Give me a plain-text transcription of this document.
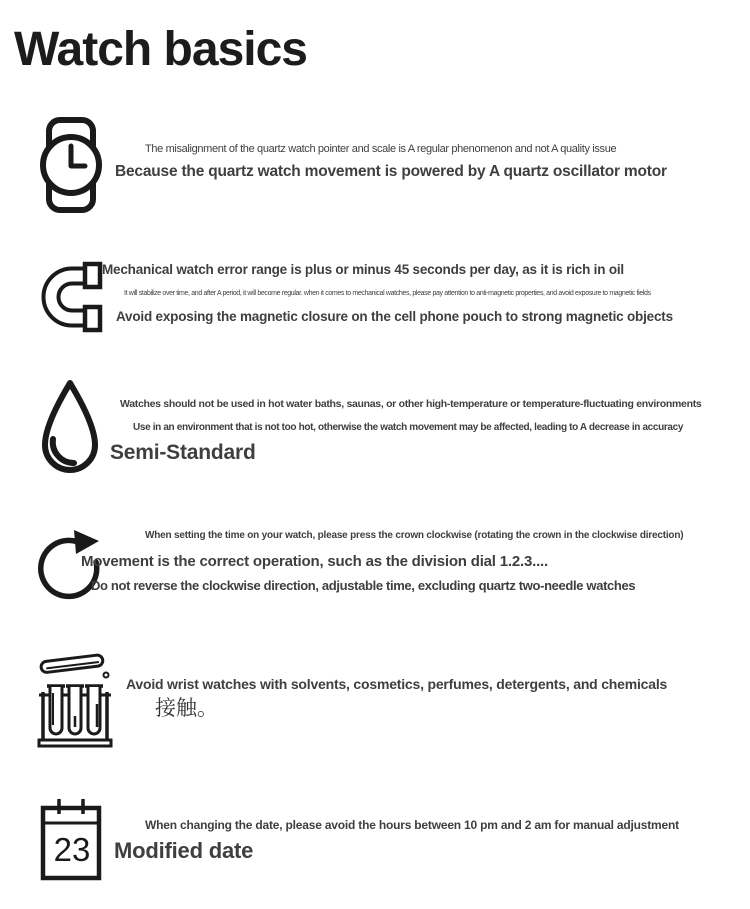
Watch basics
The misalignment of the quartz watch pointer and scale is A regular phenomenon and not A quality issue
Because the quartz watch movement is powered by A quartz oscillator motor
Mechanical watch error range is plus or minus 45 seconds per day, as it is rich in oil
It will stabilize over time, and after A period, it will become regular. when it comes to mechanical watches, please pay attention to anti-magnetic properties, and avoid exposure to magnetic fields
Avoid exposing the magnetic closure on the cell phone pouch to strong magnetic objects
Watches should not be used in hot water baths, saunas, or other high-temperature or temperature-fluctuating environments
Use in an environment that is not too hot, otherwise the watch movement may be affected, leading to A decrease in accuracy
Semi-Standard
When setting the time on your watch, please press the crown clockwise (rotating the crown in the clockwise direction)
Movement is the correct operation, such as the division dial 1.2.3....
Do not reverse the clockwise direction, adjustable time, excluding quartz two-needle watches
Avoid wrist watches with solvents, cosmetics, perfumes, detergents, and chemicals
接触。
23
When changing the date, please avoid the hours between 10 pm and 2 am for manual adjustment
Modified date
